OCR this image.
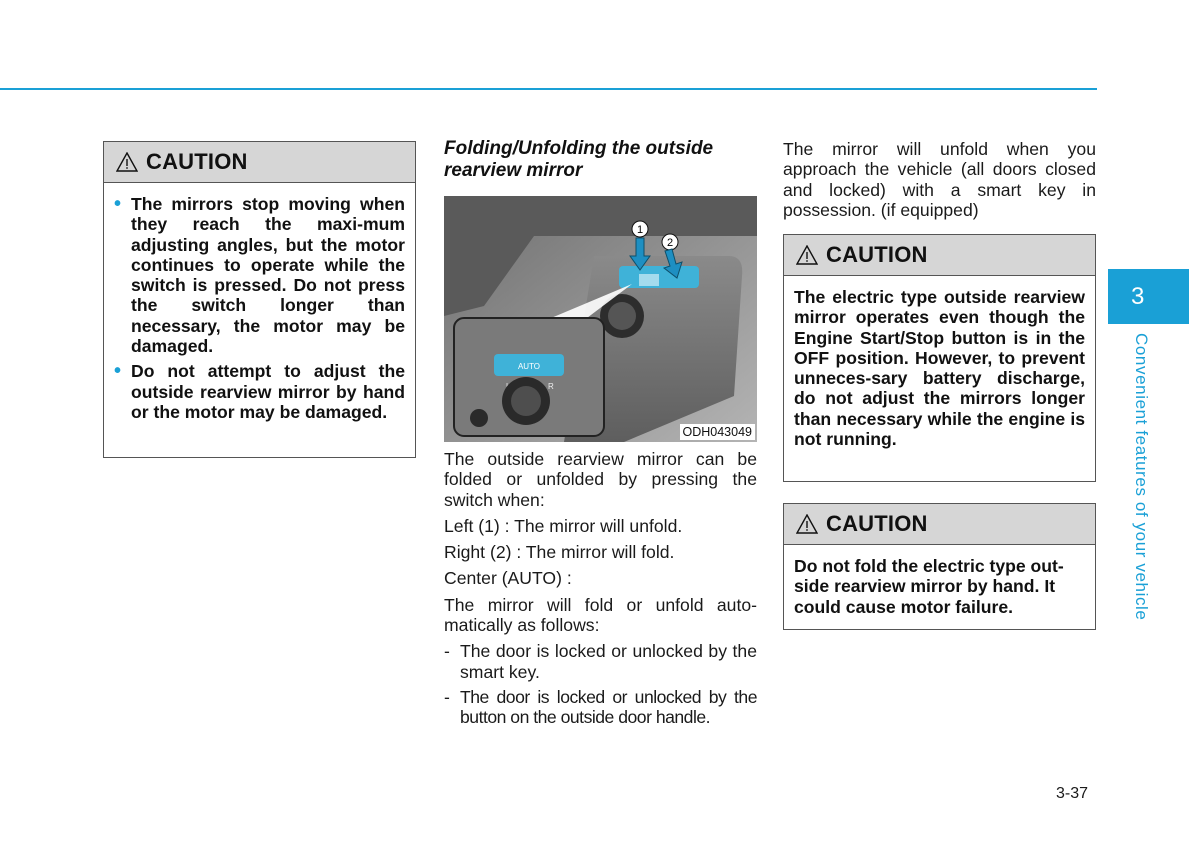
CAUTION
• The mirrors stop moving when they reach the maxi-mum adjusting angles, but the motor continues to operate while the switch is pressed. Do not press the switch longer than necessary, the motor may be damaged.
• Do not attempt to adjust the outside rearview mirror by hand or the motor may be damaged.
Folding/Unfolding the outside rearview mirror
1
2
AUTO
R
ODH043049

The outside rearview mirror can be folded or unfolded by pressing the switch when:

Left (1) : The mirror will unfold.

Right (2) : The mirror will fold.

Center (AUTO) :

The mirror will fold or unfold auto-matically as follows:

- The door is locked or unlocked by the smart key.
- The door is locked or unlocked by the button on the outside door handle.
The mirror will unfold when you approach the vehicle (all doors closed and locked) with a smart key in possession. (if equipped)
CAUTION

The electric type outside rearview mirror operates even though the Engine Start/Stop button is in the OFF position. However, to prevent unneces-sary battery discharge, do not adjust the mirrors longer than necessary while the engine is not running.

CAUTION

Do not fold the electric type out-side rearview mirror by hand. It could cause motor failure.

3
Convenient features of your vehicle
3-37
